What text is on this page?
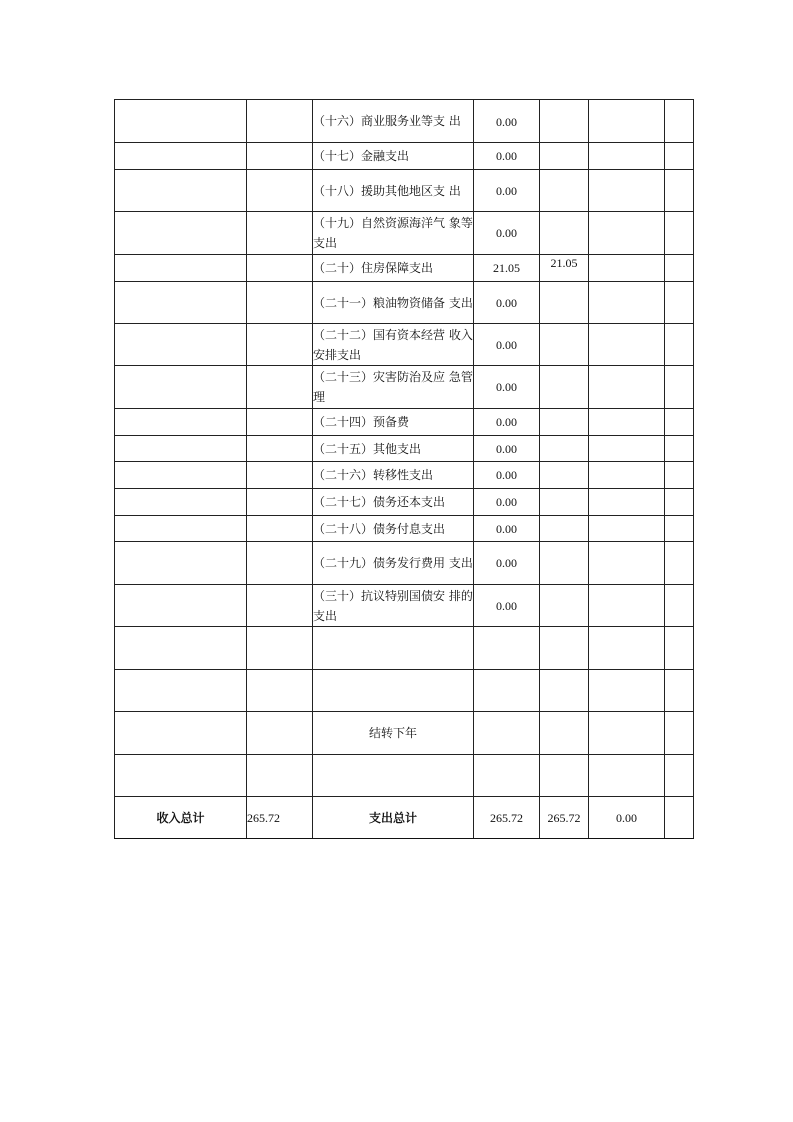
		（十六）商业服务业等支 出	0.00			
		（十七）金融支出	0.00			
		（十八）援助其他地区支 出	0.00			
		（十九）自然资源海洋气 象等支出	0.00			
		（二十）住房保障支出	21.05	21.05		
		（二十一）粮油物资储备 支出	0.00			
		（二十二）国有资本经营 收入安排支出	0.00			
		（二十三）灾害防治及应 急管理	0.00			
		（二十四）预备费	0.00			
		（二十五）其他支出	0.00			
		（二十六）转移性支出	0.00			
		（二十七）债务还本支出	0.00			
		（二十八）债务付息支出	0.00			
		（二十九）债务发行费用 支出	0.00			
		（三十）抗议特别国债安 排的支出	0.00			

		结转下年				

收入总计	265.72	支出总计	265.72	265.72	0.00	
